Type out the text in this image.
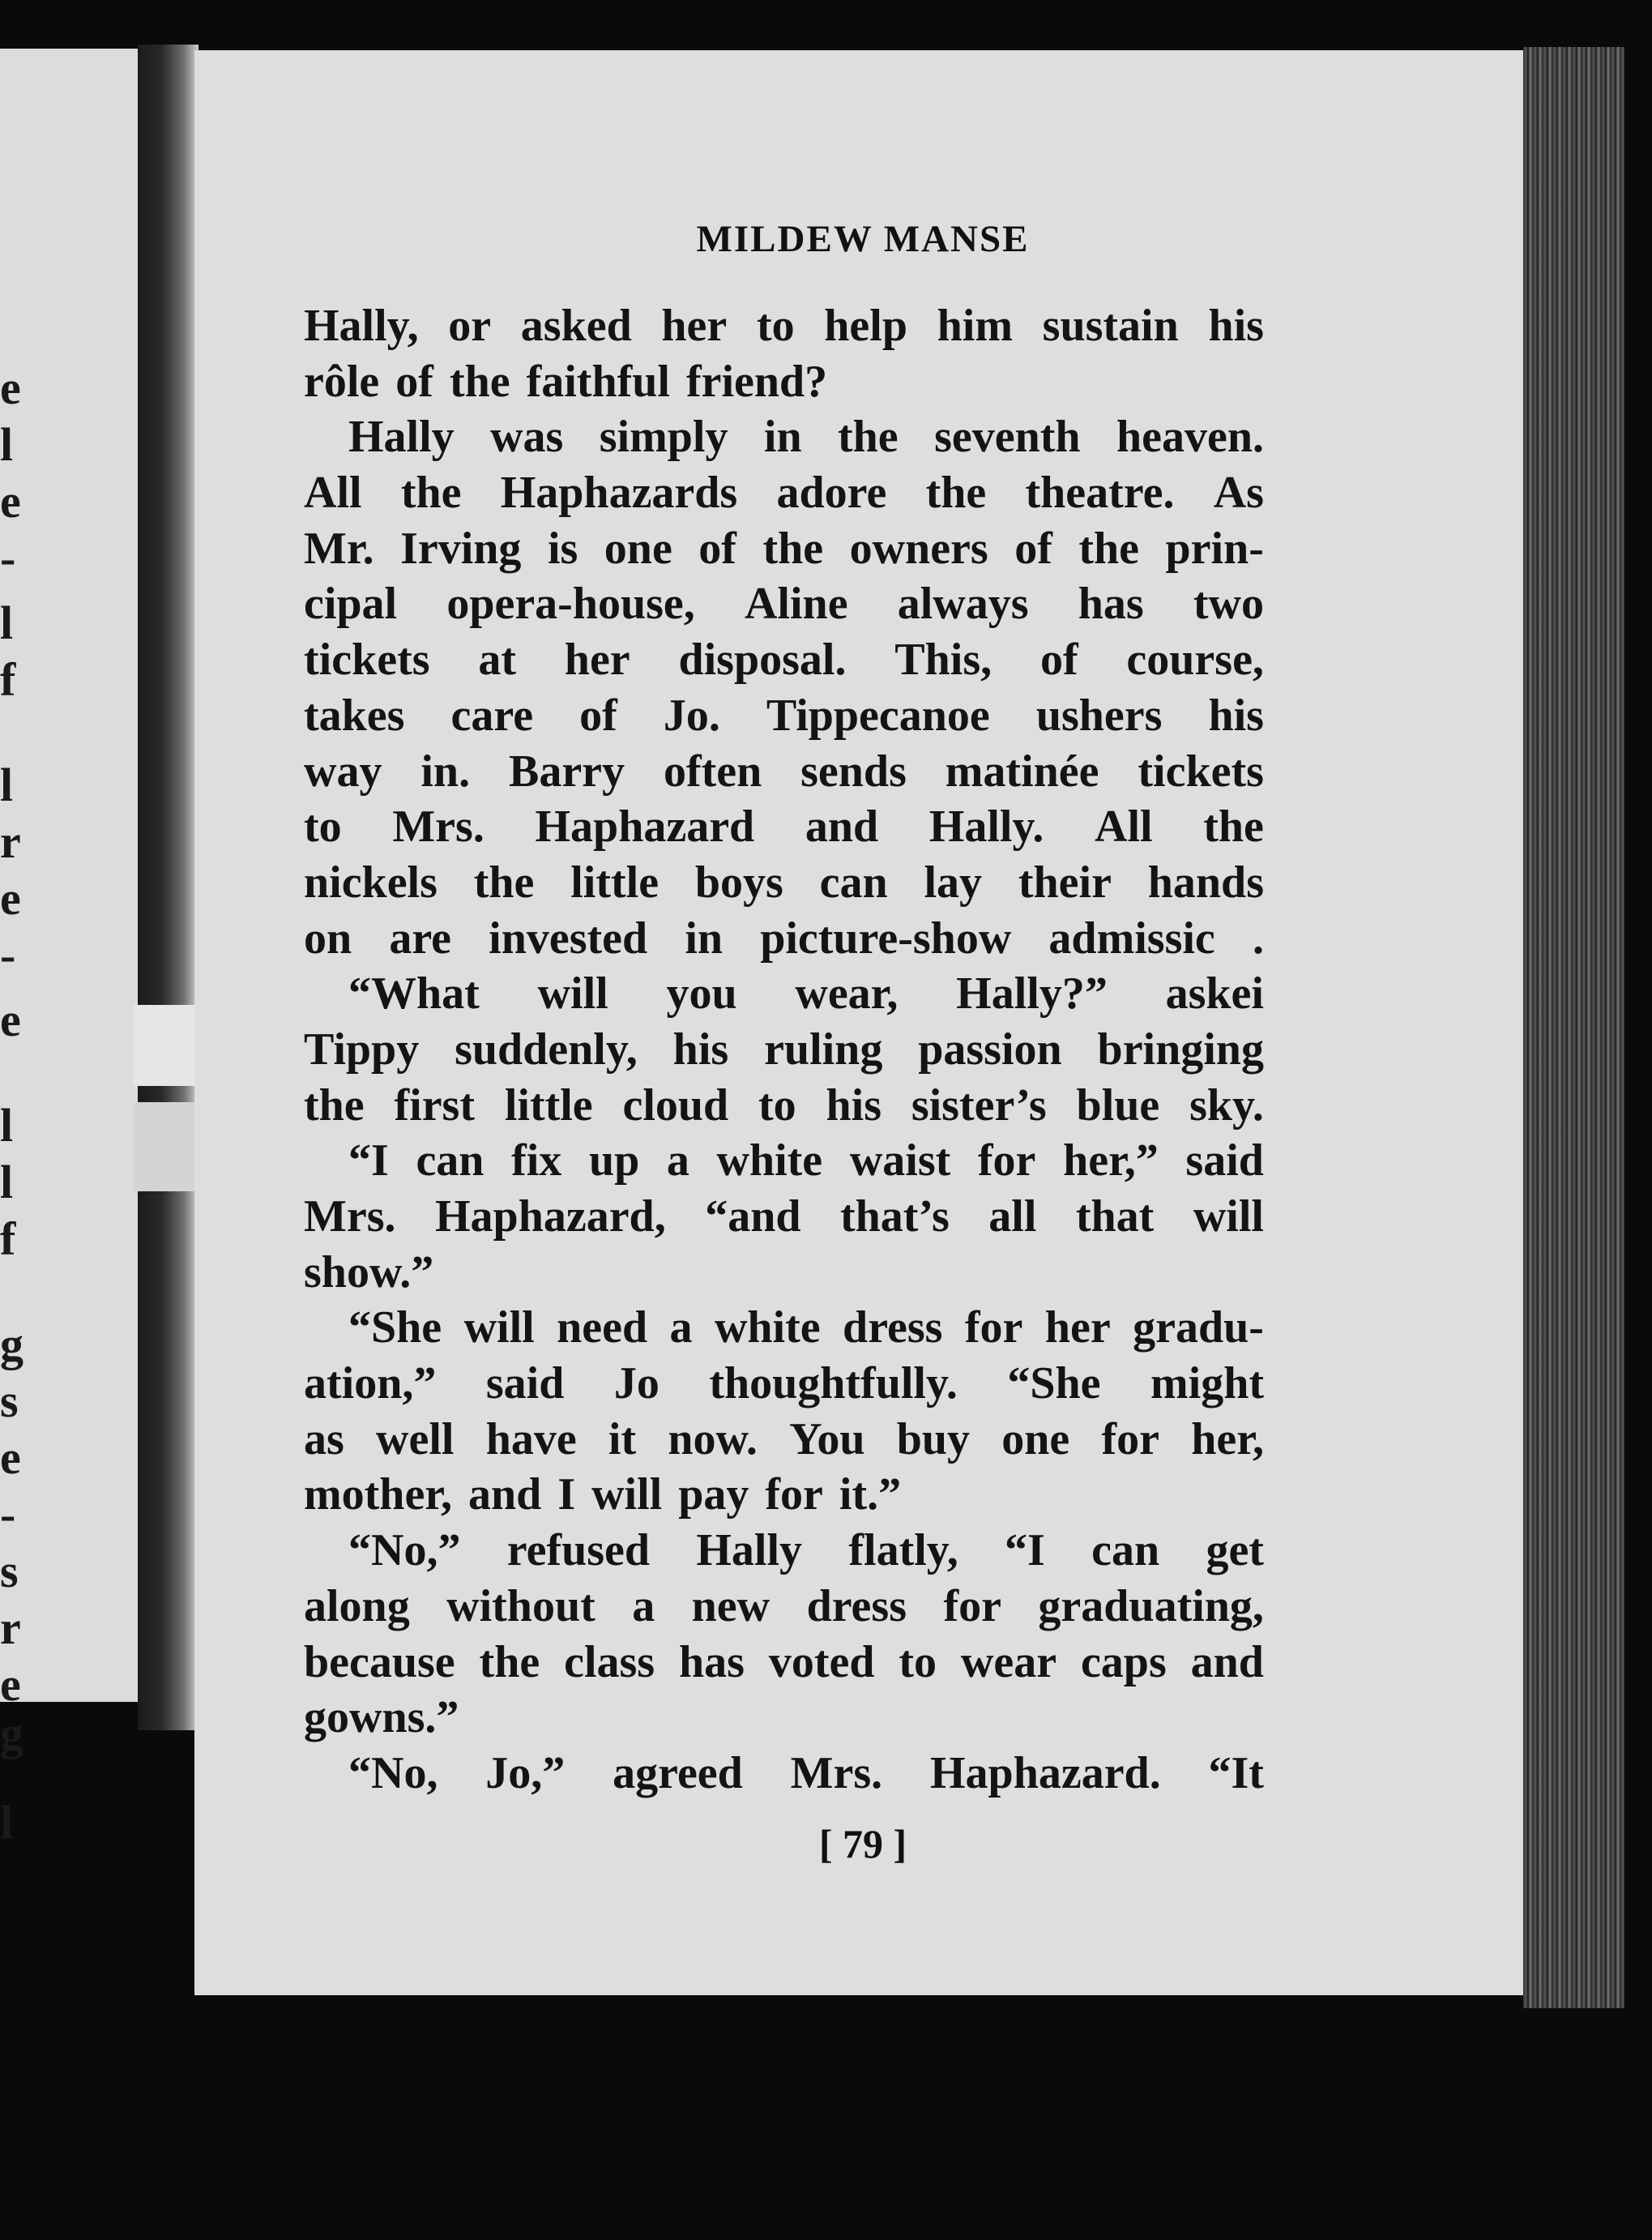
e
l
e
-
l
f
l
r
e
-
e
l
l
f
g
s
e
-
s
r
e
g
l
MILDEW MANSE
Hally, or asked her to help him sustain his
rôle of the faithful friend?
Hally was simply in the seventh heaven.
All the Haphazards adore the theatre. As
Mr. Irving is one of the owners of the prin-
cipal opera-house, Aline always has two
tickets at her disposal. This, of course,
takes care of Jo. Tippecanoe ushers his
way in. Barry often sends matinée tickets
to Mrs. Haphazard and Hally. All the
nickels the little boys can lay their hands
on are invested in picture-show admissic .
“What will you wear, Hally?” askei
Tippy suddenly, his ruling passion bringing
the first little cloud to his sister’s blue sky.
“I can fix up a white waist for her,” said
Mrs. Haphazard, “and that’s all that will
show.”
“She will need a white dress for her gradu-
ation,” said Jo thoughtfully. “She might
as well have it now. You buy one for her,
mother, and I will pay for it.”
“No,” refused Hally flatly, “I can get
along without a new dress for graduating,
because the class has voted to wear caps and
gowns.”
“No, Jo,” agreed Mrs. Haphazard. “It
[ 79 ]
